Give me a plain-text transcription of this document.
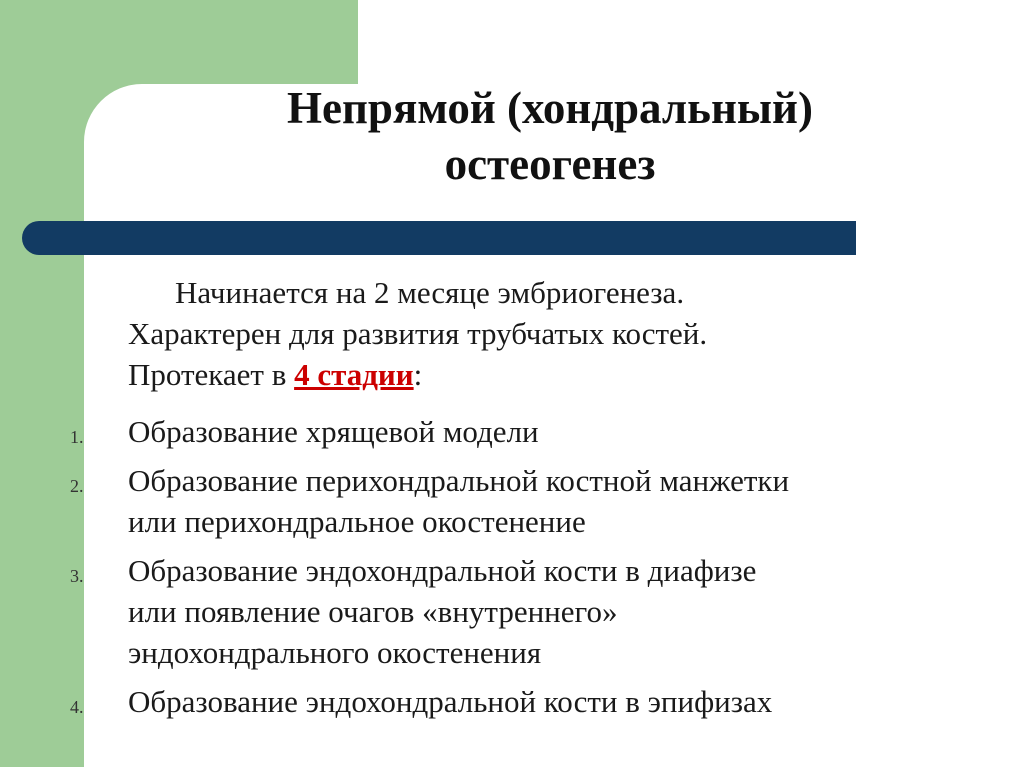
Непрямой (хондральный)
остеогенез
Начинается на 2 месяце эмбриогенеза.
Характерен для развития трубчатых костей.
Протекает в 4 стадии:
1. Образование хрящевой модели
2. Образование перихондральной костной манжетки
или перихондральное окостенение
3. Образование эндохондральной кости в диафизе
или появление очагов «внутреннего»
эндохондрального окостенения
4. Образование эндохондральной кости в эпифизах
